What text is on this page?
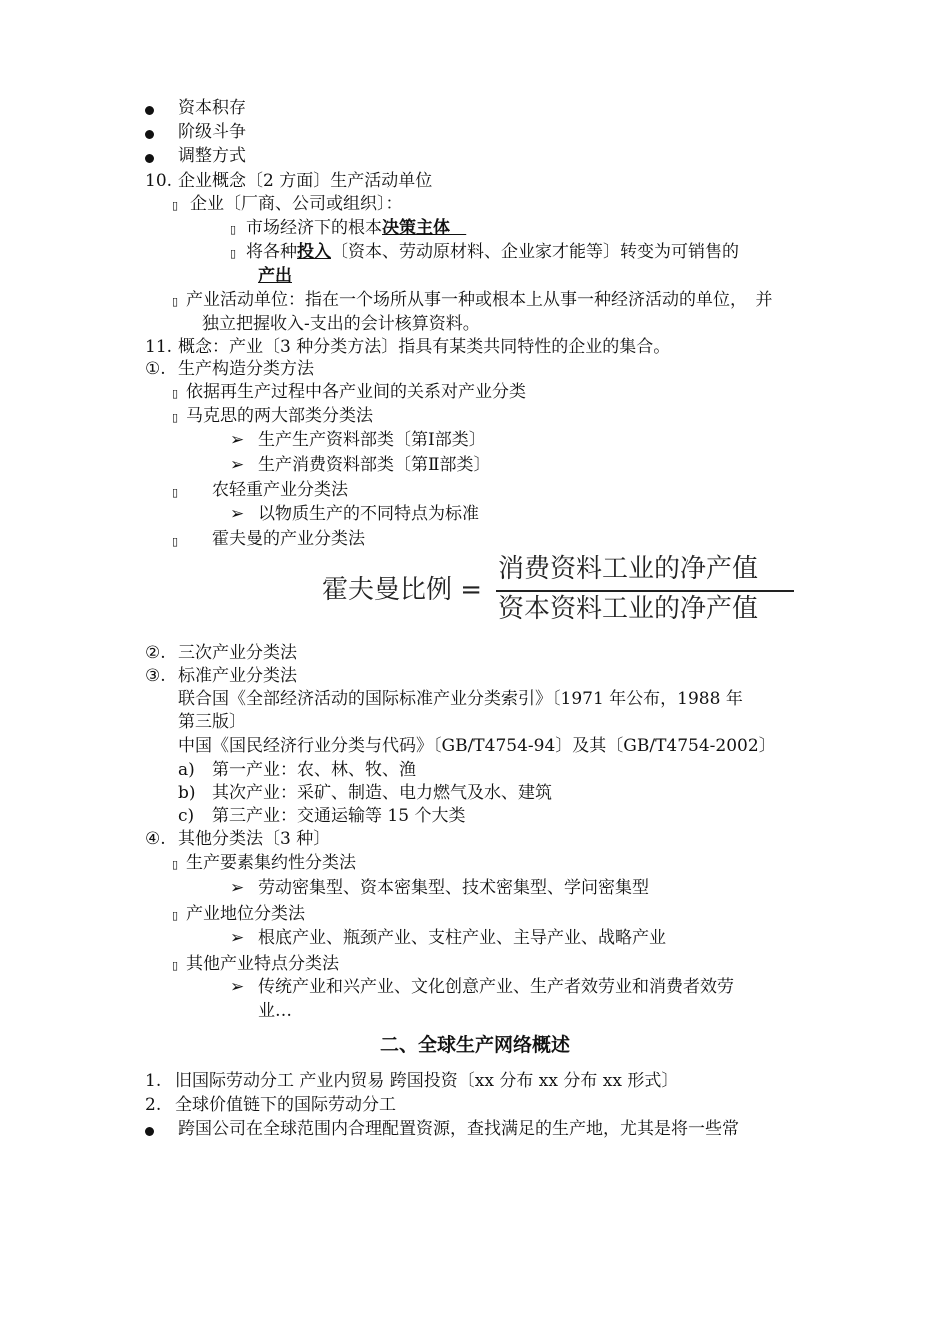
资本积存
阶级斗争
调整方式
10. 企业概念〔2 方面〕生产活动单位
▯ 企业〔厂商、公司或组织〕：
▯ 市场经济下的根本决策主体
▯ 将各种投入〔资本、劳动原材料、企业家才能等〕转变为可销售的
产出
▯ 产业活动单位：指在一个场所从事一种或根本上从事一种经济活动的单位，　并
独立把握收入-支出的会计核算资料。
11. 概念：产业〔3 种分类方法〕指具有某类共同特性的企业的集合。
①. 生产构造分类方法
▯ 依据再生产过程中各产业间的关系对产业分类
▯ 马克思的两大部类分类法
➢ 生产生产资料部类〔第Ⅰ部类〕
➢ 生产消费资料部类〔第Ⅱ部类〕
▯ 农轻重产业分类法
➢ 以物质生产的不同特点为标准
▯ 霍夫曼的产业分类法
霍夫曼比例 =
消费资料工业的净产值
资本资料工业的净产值
②. 三次产业分类法
③. 标准产业分类法
联合国《全部经济活动的国际标准产业分类索引》〔1971 年公布，1988 年
第三版〕
中国《国民经济行业分类与代码》〔GB/T4754-94〕及其〔GB/T4754-2002〕
a) 第一产业：农、林、牧、渔
b) 其次产业：采矿、制造、电力燃气及水、建筑
c) 第三产业：交通运输等 15 个大类
④. 其他分类法〔3 种〕
▯ 生产要素集约性分类法
➢ 劳动密集型、资本密集型、技术密集型、学问密集型
▯ 产业地位分类法
➢ 根底产业、瓶颈产业、支柱产业、主导产业、战略产业
▯ 其他产业特点分类法
➢ 传统产业和兴产业、文化创意产业、生产者效劳业和消费者效劳
业…
二、全球生产网络概述
1. 旧国际劳动分工 产业内贸易 跨国投资〔xx 分布 xx 分布 xx 形式〕
2. 全球价值链下的国际劳动分工
跨国公司在全球范围内合理配置资源，查找满足的生产地，尤其是将一些常
